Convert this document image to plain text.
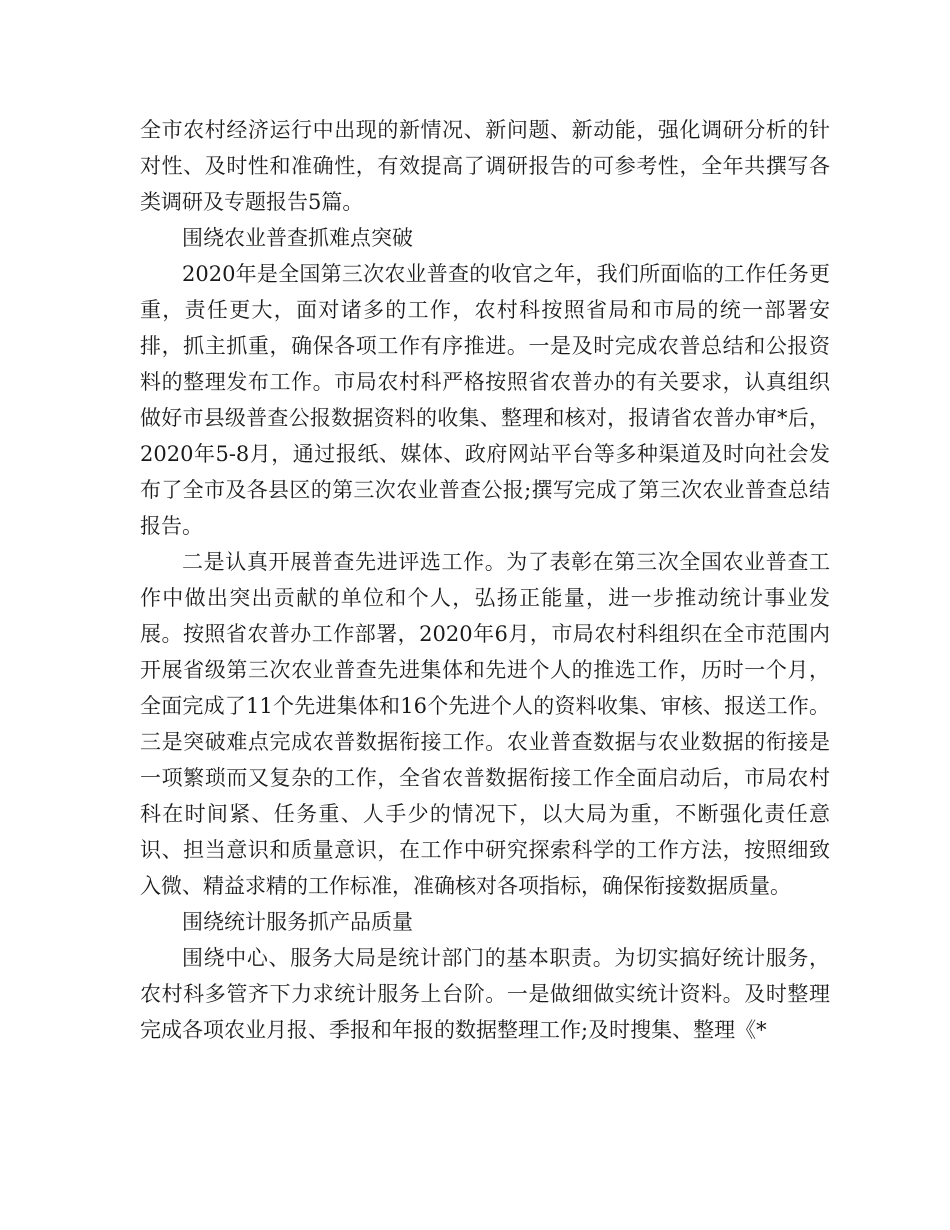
全市农村经济运行中出现的新情况、新问题、新动能，强化调研分析的针对性、及时性和准确性，有效提高了调研报告的可参考性，全年共撰写各类调研及专题报告5篇。

围绕农业普查抓难点突破

2020年是全国第三次农业普查的收官之年，我们所面临的工作任务更重，责任更大，面对诸多的工作，农村科按照省局和市局的统一部署安排，抓主抓重，确保各项工作有序推进。一是及时完成农普总结和公报资料的整理发布工作。市局农村科严格按照省农普办的有关要求，认真组织做好市县级普查公报数据资料的收集、整理和核对，报请省农普办审*后，2020年5-8月，通过报纸、媒体、政府网站平台等多种渠道及时向社会发布了全市及各县区的第三次农业普查公报;撰写完成了第三次农业普查总结报告。

二是认真开展普查先进评选工作。为了表彰在第三次全国农业普查工作中做出突出贡献的单位和个人，弘扬正能量，进一步推动统计事业发展。按照省农普办工作部署，2020年6月，市局农村科组织在全市范围内开展省级第三次农业普查先进集体和先进个人的推选工作，历时一个月，全面完成了11个先进集体和16个先进个人的资料收集、审核、报送工作。三是突破难点完成农普数据衔接工作。农业普查数据与农业数据的衔接是一项繁琐而又复杂的工作，全省农普数据衔接工作全面启动后，市局农村科在时间紧、任务重、人手少的情况下，以大局为重，不断强化责任意识、担当意识和质量意识，在工作中研究探索科学的工作方法，按照细致入微、精益求精的工作标准，准确核对各项指标，确保衔接数据质量。

围绕统计服务抓产品质量

围绕中心、服务大局是统计部门的基本职责。为切实搞好统计服务，农村科多管齐下力求统计服务上台阶。一是做细做实统计资料。及时整理完成各项农业月报、季报和年报的数据整理工作;及时搜集、整理《*
